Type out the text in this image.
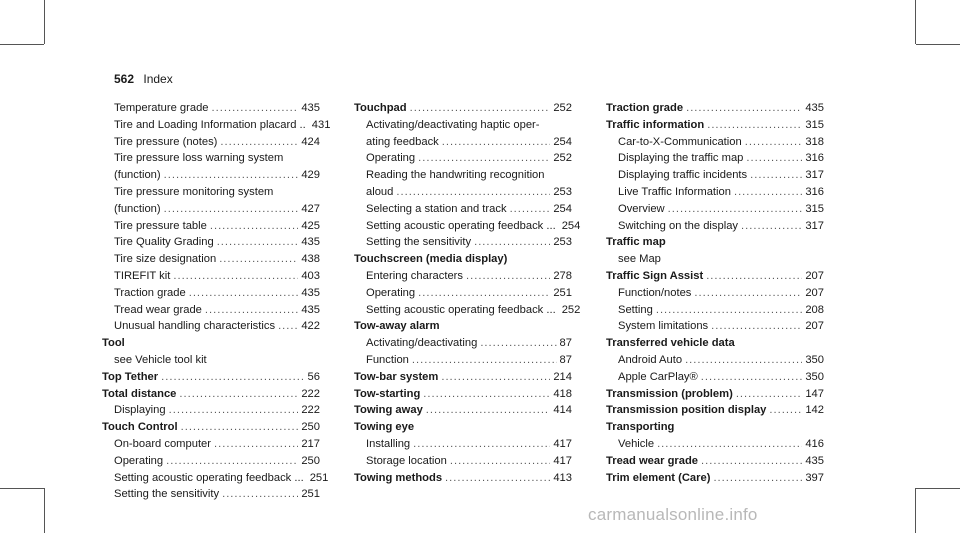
562 Index
Temperature grade .....	435
Tire and Loading Information placard .. 431
Tire pressure (notes) .....	424
Tire pressure loss warning system
(function) .....	429
Tire pressure monitoring system
(function) .....	427
Tire pressure table .....	425
Tire Quality Grading .....	435
Tire size designation .....	438
TIREFIT kit .....	403
Traction grade .....	435
Tread wear grade .....	435
Unusual handling characteristics ..... 422
Tool
see Vehicle tool kit
Top Tether .....	56
Total distance .....	222
Displaying .....	222
Touch Control .....	250
On-board computer .....	217
Operating .....	250
Setting acoustic operating feedback ... 251
Setting the sensitivity .....	251
Touchpad .....	252
Activating/deactivating haptic oper-
ating feedback .....	254
Operating .....	252
Reading the handwriting recognition
aloud .....	253
Selecting a station and track .....	254
Setting acoustic operating feedback ... 254
Setting the sensitivity .....	253
Touchscreen (media display)
Entering characters .....	278
Operating .....	251
Setting acoustic operating feedback ... 252
Tow-away alarm
Activating/deactivating .....	87
Function .....	87
Tow-bar system .....	214
Tow-starting .....	418
Towing away .....	414
Towing eye
Installing .....	417
Storage location .....	417
Towing methods .....	413
Traction grade .....	435
Traffic information .....	315
Car-to-X-Communication .....	318
Displaying the traffic map .....	316
Displaying traffic incidents .....	317
Live Traffic Information .....	316
Overview .....	315
Switching on the display .....	317
Traffic map
see Map
Traffic Sign Assist .....	207
Function/notes .....	207
Setting .....	208
System limitations .....	207
Transferred vehicle data
Android Auto .....	350
Apple CarPlay® .....	350
Transmission (problem) .....	147
Transmission position display .....	142
Transporting
Vehicle .....	416
Tread wear grade .....	435
Trim element (Care) .....	397
carmanualsonline.info
